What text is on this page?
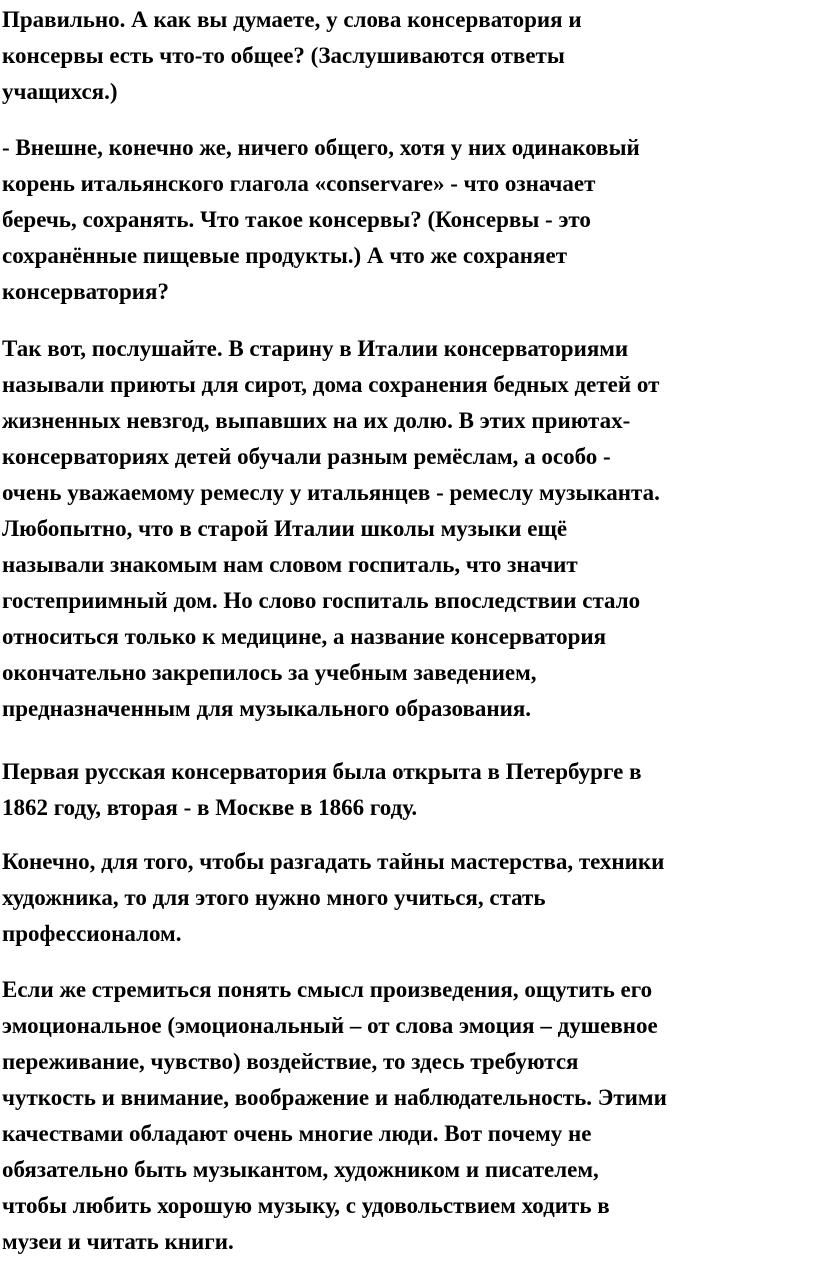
Правильно. А как вы думаете, у слова консерватория и
консервы есть что-то общее? (Заслушиваются ответы
учащихся.)
- Внешне, конечно же, ничего общего, хотя у них одинаковый
корень итальянского глагола «conservare» - что означает
беречь, сохранять. Что такое консервы? (Консервы - это
сохранённые пищевые продукты.) А что же сохраняет
консерватория?
Так вот, послушайте. В старину в Италии консерваториями
называли приюты для сирот, дома сохранения бедных детей от
жизненных невзгод, выпавших на их долю. В этих приютах-
консерваториях детей обучали разным ремёслам, а особо -
очень уважаемому ремеслу у итальянцев - ремеслу музыканта.
Любопытно, что в старой Италии школы музыки ещё
называли знакомым нам словом госпиталь, что значит
гостеприимный дом. Но слово госпиталь впоследствии стало
относиться только к медицине, а название консерватория
окончательно закрепилось за учебным заведением,
предназначенным для музыкального образования.
Первая русская консерватория была открыта в Петербурге в
1862 году, вторая - в Москве в 1866 году.
Конечно, для того, чтобы разгадать тайны мастерства, техники
художника, то для этого нужно много учиться, стать
профессионалом.
Если же стремиться понять смысл произведения, ощутить его
эмоциональное (эмоциональный – от слова эмоция – душевное
переживание, чувство) воздействие, то здесь требуются
чуткость и внимание, воображение и наблюдательность. Этими
качествами обладают очень многие люди. Вот почему не
обязательно быть музыкантом, художником и писателем,
чтобы любить хорошую музыку, с удовольствием ходить в
музеи и читать книги.
